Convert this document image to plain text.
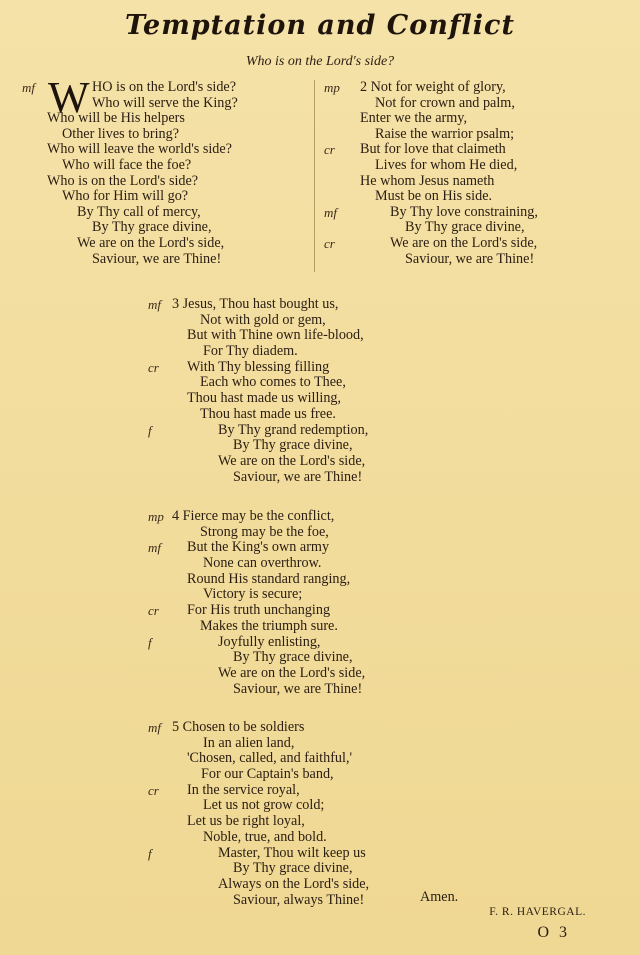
Temptation and Conflict
Who is on the Lord's side?
W
mf	HO is on the Lord's side?
Who will serve the King?
Who will be His helpers
Other lives to bring?
Who will leave the world's side?
Who will face the foe?
Who is on the Lord's side?
Who for Him will go?
By Thy call of mercy,
By Thy grace divine,
We are on the Lord's side,
Saviour, we are Thine!
mp 2 Not for weight of glory,
Not for crown and palm,
Enter we the army,
Raise the warrior psalm;
cr But for love that claimeth
Lives for whom He died,
He whom Jesus nameth
Must be on His side.
mf	By Thy love constraining,
By Thy grace divine,
cr	We are on the Lord's side,
Saviour, we are Thine!
mf 3 Jesus, Thou hast bought us,
Not with gold or gem,
But with Thine own life-blood,
For Thy diadem.
cr With Thy blessing filling
Each who comes to Thee,
Thou hast made us willing,
Thou hast made us free.
f	By Thy grand redemption,
By Thy grace divine,
We are on the Lord's side,
Saviour, we are Thine!
mp 4 Fierce may be the conflict,
Strong may be the foe,
mf But the King's own army
None can overthrow.
Round His standard ranging,
Victory is secure;
cr For His truth unchanging
Makes the triumph sure.
f	Joyfully enlisting,
By Thy grace divine,
We are on the Lord's side,
Saviour, we are Thine!
mf 5 Chosen to be soldiers
In an alien land,
'Chosen, called, and faithful,'
For our Captain's band,
cr In the service royal,
Let us not grow cold;
Let us be right loyal,
Noble, true, and bold.
f	Master, Thou wilt keep us
By Thy grace divine,
Always on the Lord's side,
Saviour, always Thine!	Amen.
F. R. HAVERGAL.
O 3
